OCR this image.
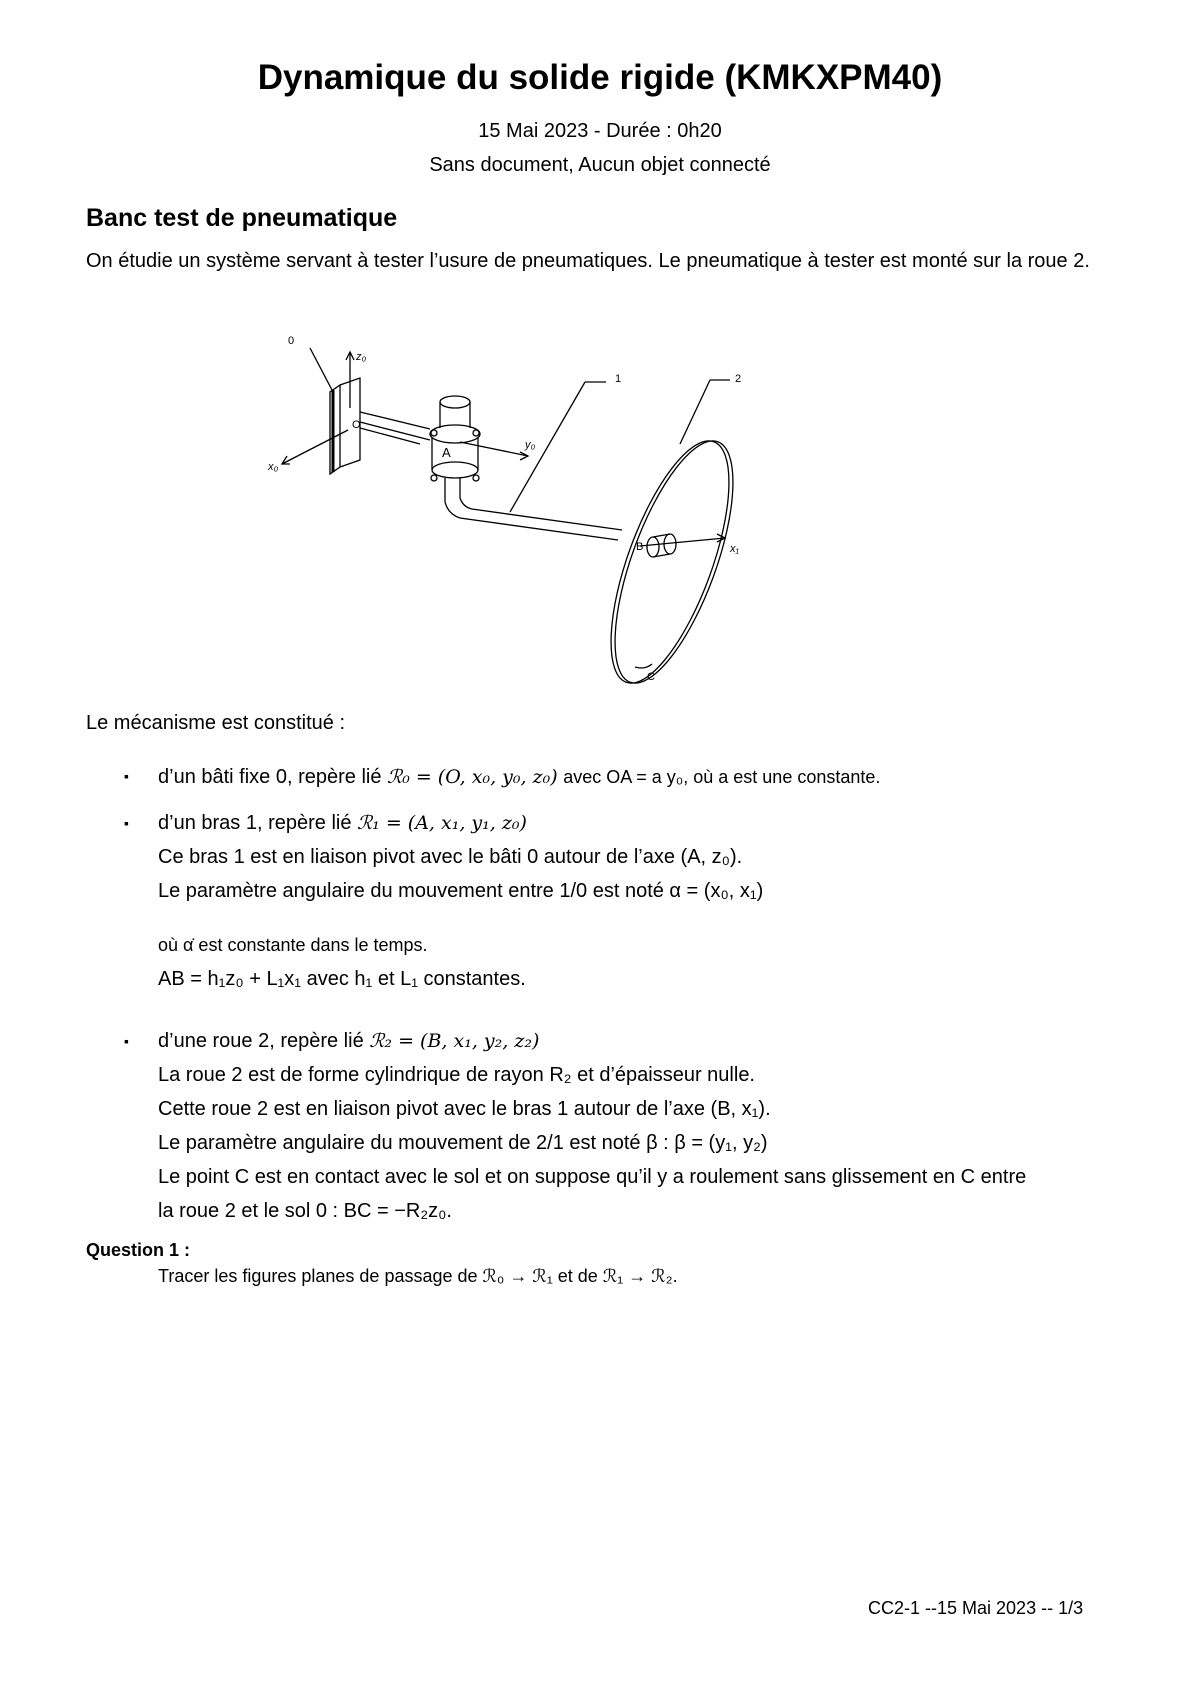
Dynamique du solide rigide (KMKXPM40)

15 Mai 2023 - Durée : 0h20

Sans document, Aucun objet connecté

Banc test de pneumatique

On étudie un système servant à tester l’usure de pneumatiques. Le pneumatique à tester est monté sur la roue 2.

0
1	2
A
B
C
O
z₀
x₀
y₀
x₁

Le mécanisme est constitué :

▪ d’un bâti fixe 0, repère lié ℛ₀ = (O, x₀, y₀, z₀) avec OA = a y₀, où a est une constante.
▪ d’un bras 1, repère lié ℛ₁ = (A, x₁, y₁, z₀)
Ce bras 1 est en liaison pivot avec le bâti 0 autour de l’axe (A, z₀).
Le paramètre angulaire du mouvement entre 1/0 est noté α = (x₀, x₁)
où α̇ est constante dans le temps.
AB = h₁z₀ + L₁x₁ avec h₁ et L₁ constantes.
▪ d’une roue 2, repère lié ℛ₂ = (B, x₁, y₂, z₂)
La roue 2 est de forme cylindrique de rayon R₂ et d’épaisseur nulle.
Cette roue 2 est en liaison pivot avec le bras 1 autour de l’axe (B, x₁).
Le paramètre angulaire du mouvement de 2/1 est noté β : β = (y₁, y₂)
Le point C est en contact avec le sol et on suppose qu’il y a roulement sans glissement en C entre
la roue 2 et le sol 0 : BC = −R₂z₀.

Question 1 :

Tracer les figures planes de passage de ℛ₀ → ℛ₁ et de ℛ₁ → ℛ₂.

CC2-1 --15 Mai 2023 -- 1/3
